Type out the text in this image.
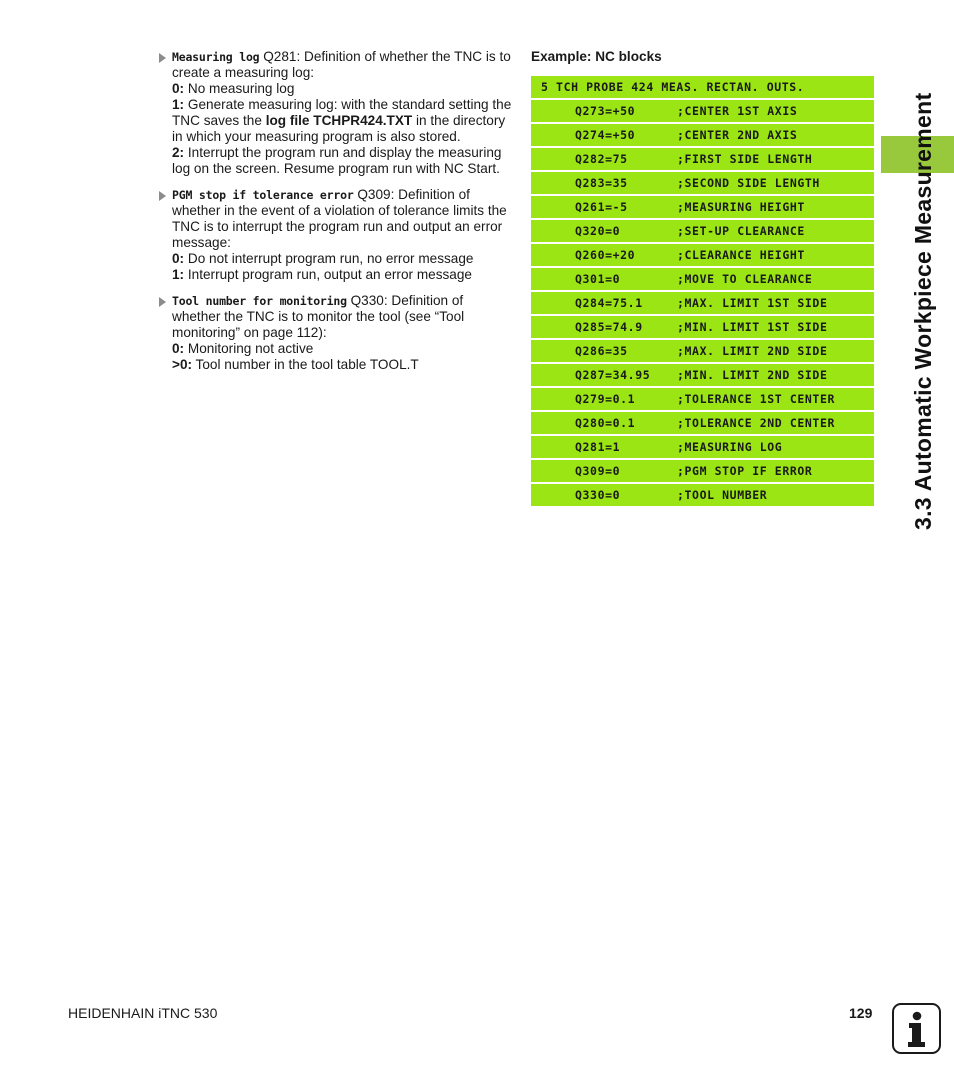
3.3 Automatic Workpiece Measurement
Measuring log Q281: Definition of whether the TNC is to create a measuring log:
0: No measuring log
1: Generate measuring log: with the standard setting the TNC saves the log file TCHPR424.TXT in the directory in which your measuring program is also stored.
2: Interrupt the program run and display the measuring log on the screen. Resume program run with NC Start.
PGM stop if tolerance error Q309: Definition of whether in the event of a violation of tolerance limits the TNC is to interrupt the program run and output an error message:
0: Do not interrupt program run, no error message
1: Interrupt program run, output an error message
Tool number for monitoring Q330: Definition of whether the TNC is to monitor the tool (see “Tool monitoring” on page 112):
0: Monitoring not active
>0: Tool number in the tool table TOOL.T
Example: NC blocks
5 TCH PROBE 424 MEAS. RECTAN. OUTS.
Q273=+50	;CENTER 1ST AXIS
Q274=+50	;CENTER 2ND AXIS
Q282=75	;FIRST SIDE LENGTH
Q283=35	;SECOND SIDE LENGTH
Q261=-5	;MEASURING HEIGHT
Q320=0	;SET-UP CLEARANCE
Q260=+20	;CLEARANCE HEIGHT
Q301=0	;MOVE TO CLEARANCE
Q284=75.1	;MAX. LIMIT 1ST SIDE
Q285=74.9	;MIN. LIMIT 1ST SIDE
Q286=35	;MAX. LIMIT 2ND SIDE
Q287=34.95 ;MIN. LIMIT 2ND SIDE
Q279=0.1	;TOLERANCE 1ST CENTER
Q280=0.1	;TOLERANCE 2ND CENTER
Q281=1	;MEASURING LOG
Q309=0	;PGM STOP IF ERROR
Q330=0	;TOOL NUMBER
HEIDENHAIN iTNC 530	129
